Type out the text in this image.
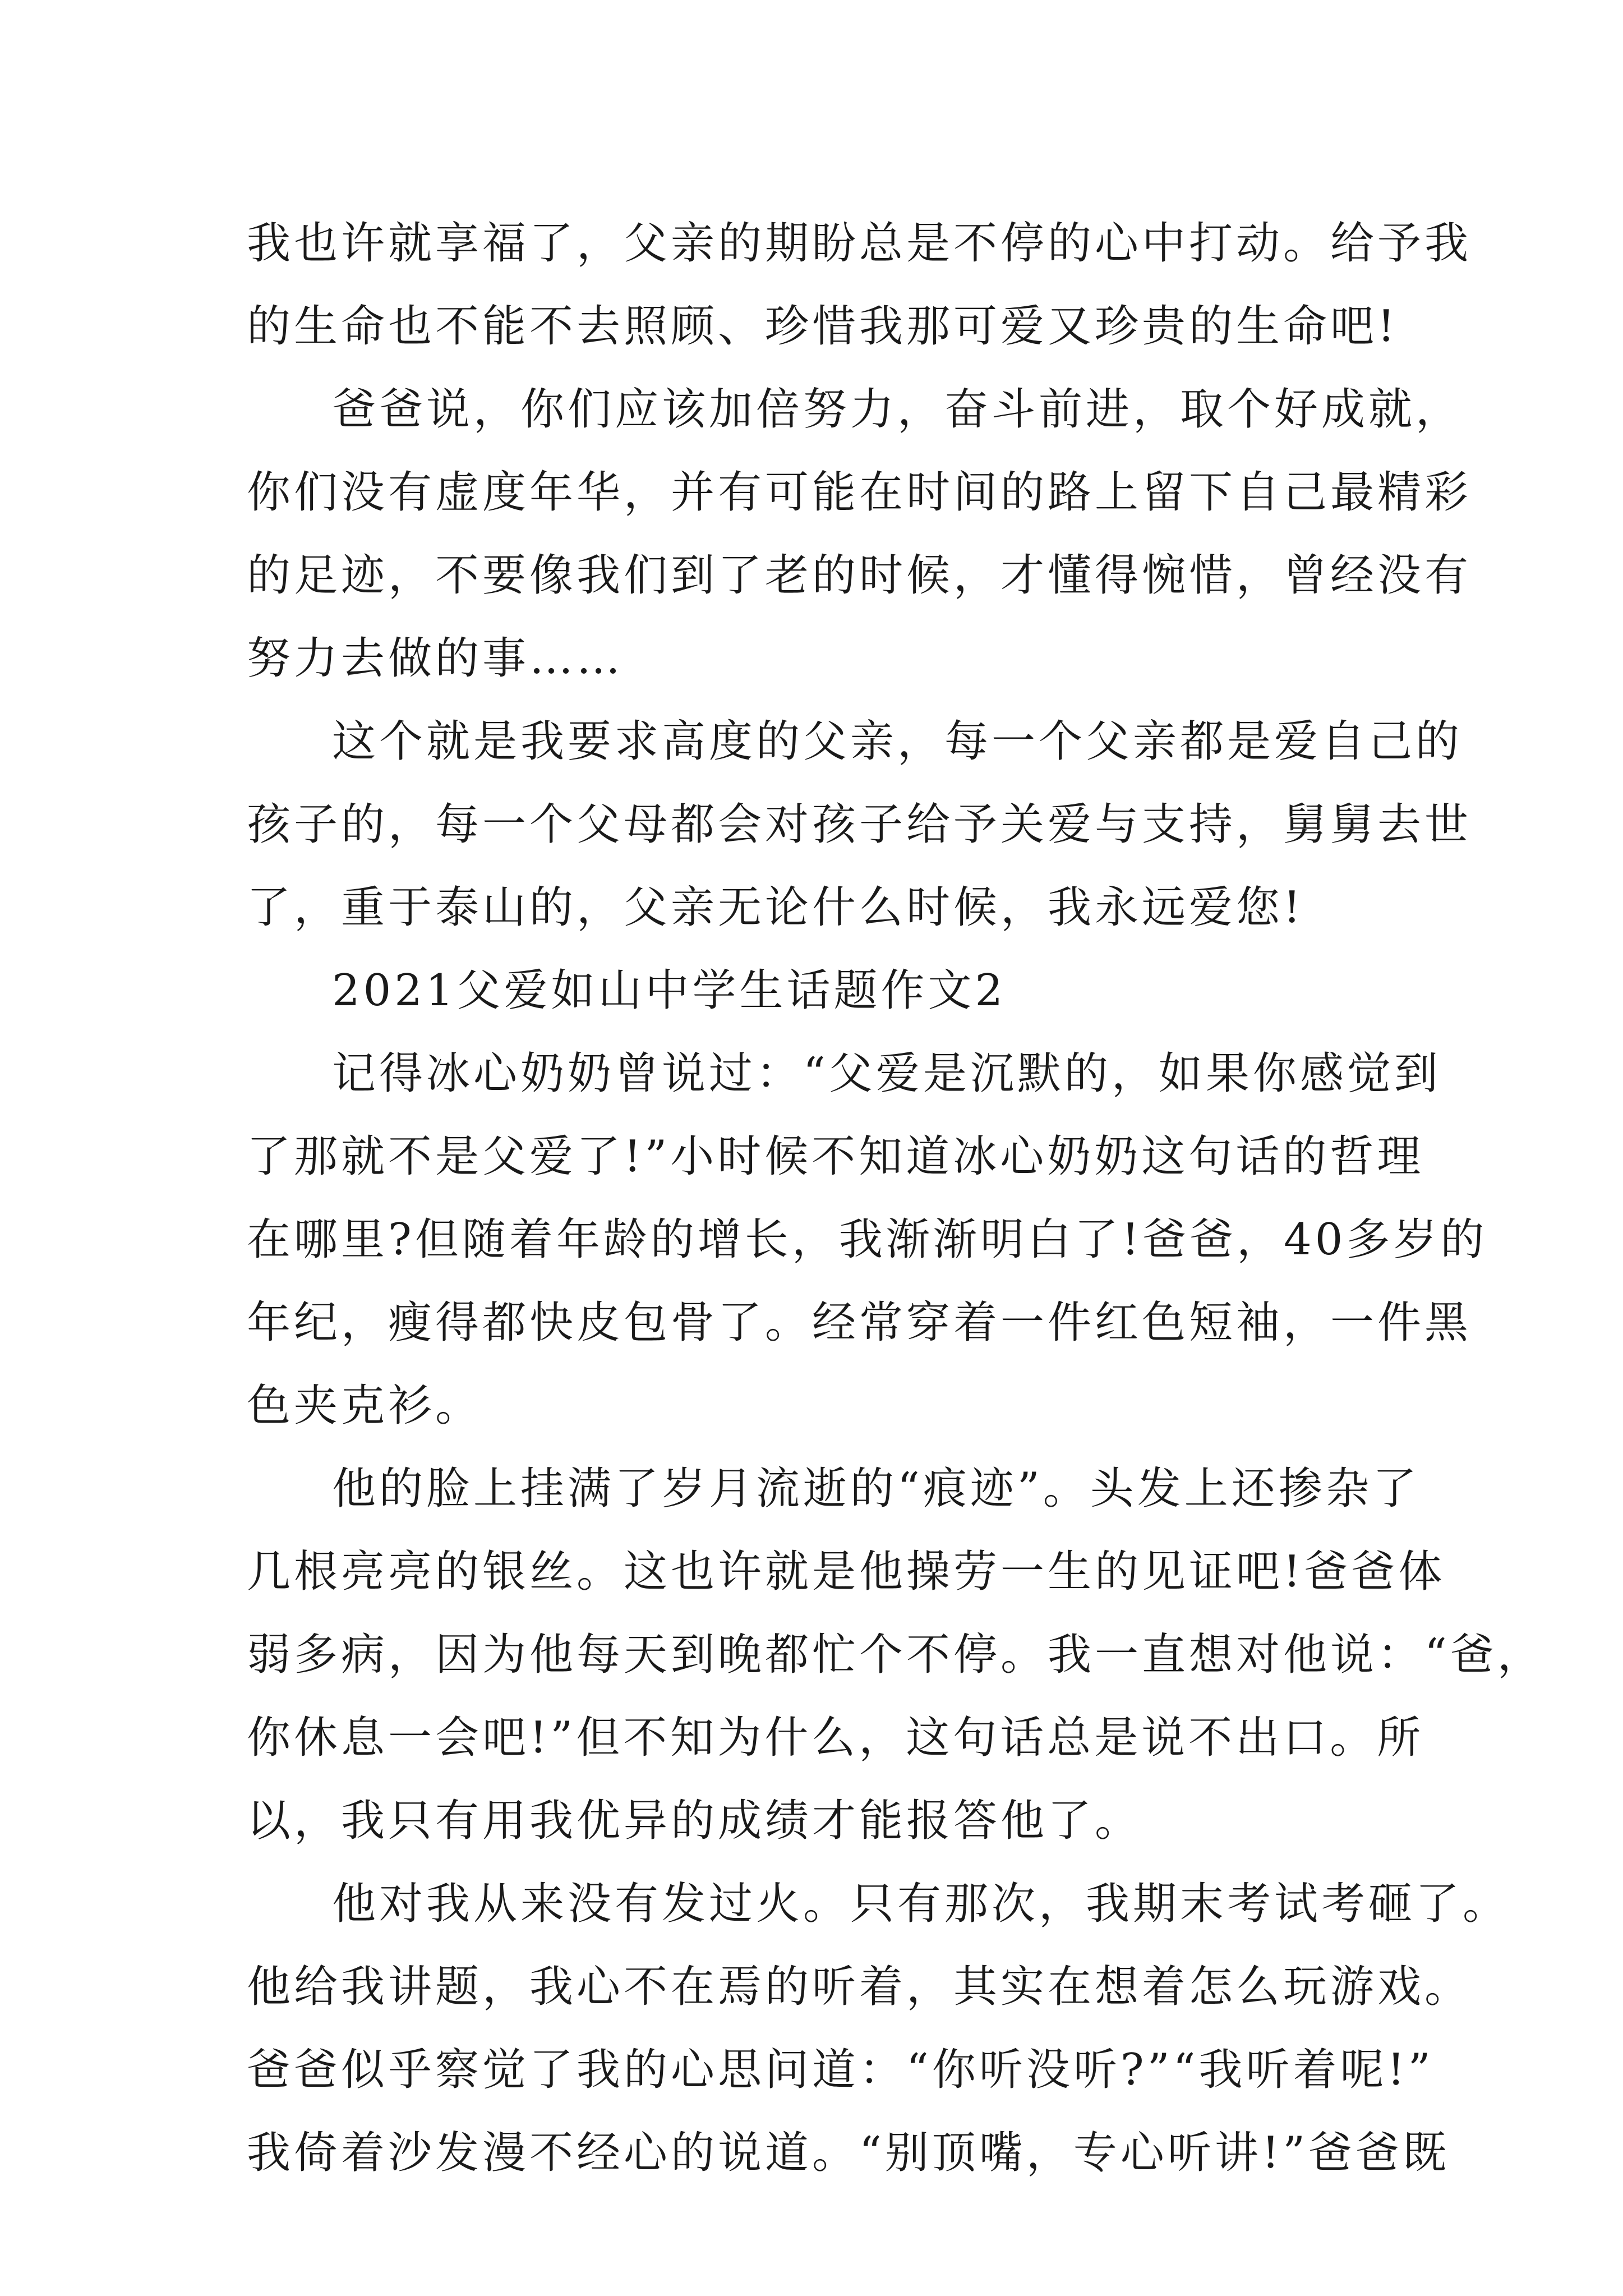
我也许就享福了，父亲的期盼总是不停的心中打动。给予我
的生命也不能不去照顾、珍惜我那可爱又珍贵的生命吧!
爸爸说，你们应该加倍努力，奋斗前进，取个好成就，
你们没有虚度年华，并有可能在时间的路上留下自己最精彩
的足迹，不要像我们到了老的时候，才懂得惋惜，曾经没有
努力去做的事……
这个就是我要求高度的父亲，每一个父亲都是爱自己的
孩子的，每一个父母都会对孩子给予关爱与支持，舅舅去世
了，重于泰山的，父亲无论什么时候，我永远爱您!
2021父爱如山中学生话题作文2
记得冰心奶奶曾说过：“父爱是沉默的，如果你感觉到
了那就不是父爱了!”小时候不知道冰心奶奶这句话的哲理
在哪里?但随着年龄的增长，我渐渐明白了!爸爸，40多岁的
年纪，瘦得都快皮包骨了。经常穿着一件红色短袖，一件黑
色夹克衫。
他的脸上挂满了岁月流逝的“痕迹”。头发上还掺杂了
几根亮亮的银丝。这也许就是他操劳一生的见证吧!爸爸体
弱多病，因为他每天到晚都忙个不停。我一直想对他说：“爸，
你休息一会吧!”但不知为什么，这句话总是说不出口。所
以，我只有用我优异的成绩才能报答他了。
他对我从来没有发过火。只有那次，我期末考试考砸了。
他给我讲题，我心不在焉的听着，其实在想着怎么玩游戏。
爸爸似乎察觉了我的心思问道：“你听没听?”“我听着呢!”
我倚着沙发漫不经心的说道。“别顶嘴，专心听讲!”爸爸既
